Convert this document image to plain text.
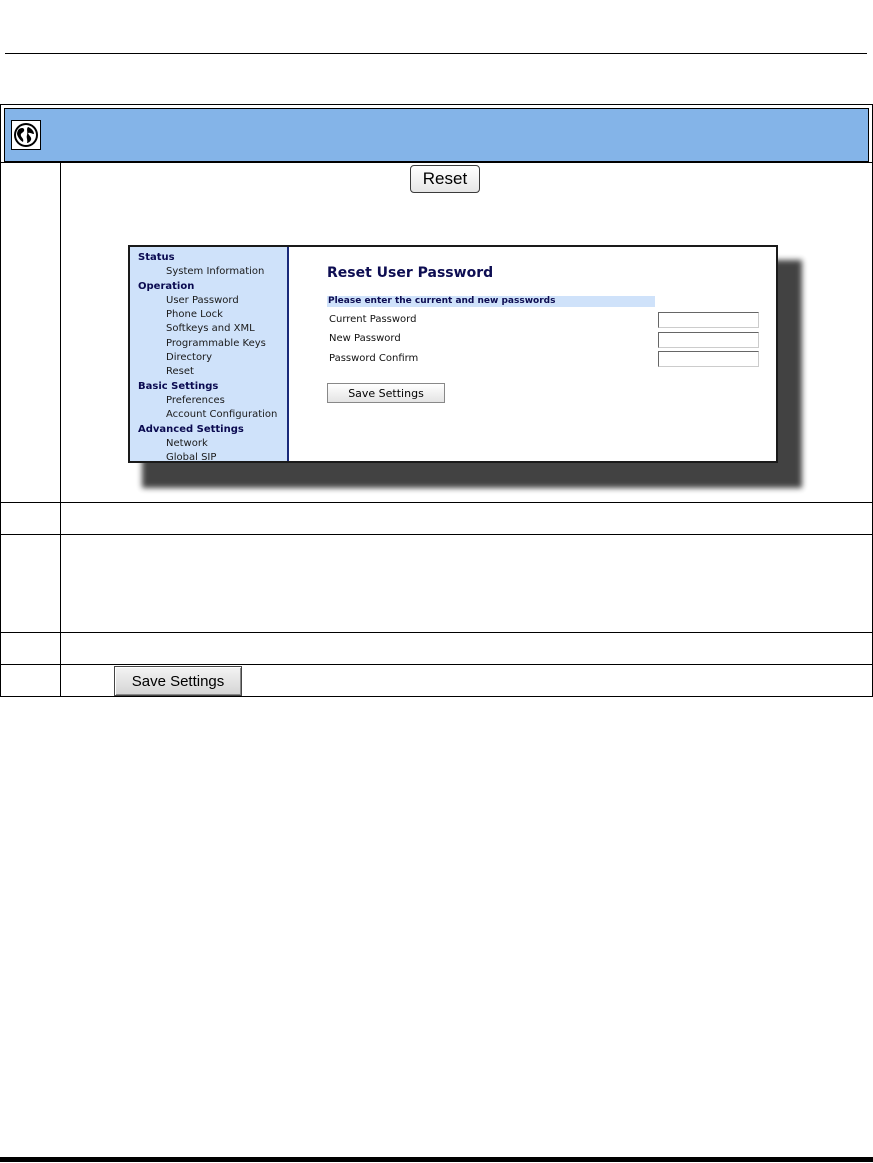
Reset
Status
System Information
Operation
User Password
Phone Lock
Softkeys and XML
Programmable Keys
Directory
Reset
Basic Settings
Preferences
Account Configuration
Advanced Settings
Network
Global SIP
Reset User Password
Please enter the current and new passwords
Current Password
New Password
Password Confirm
Save Settings
Save Settings
